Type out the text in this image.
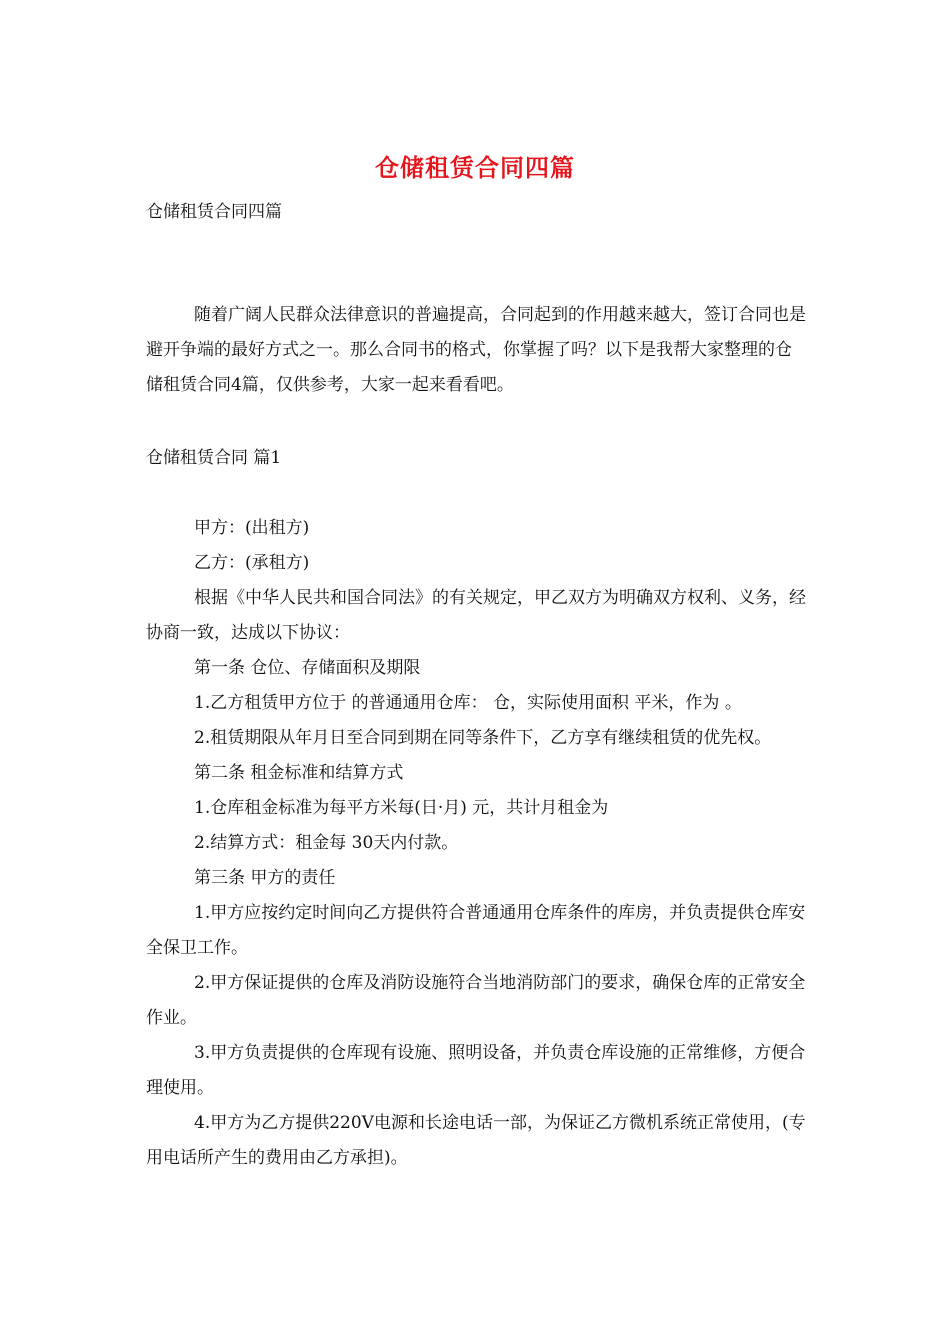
仓储租赁合同四篇
仓储租赁合同四篇

随着广阔人民群众法律意识的普遍提高，合同起到的作用越来越大，签订合同也是避开争端的最好方式之一。那么合同书的格式，你掌握了吗？以下是我帮大家整理的仓储租赁合同4篇，仅供参考，大家一起来看看吧。

仓储租赁合同 篇1

甲方：(出租方)

乙方：(承租方)

根据《中华人民共和国合同法》的有关规定，甲乙双方为明确双方权利、义务，经协商一致，达成以下协议：

第一条 仓位、存储面积及期限

1.乙方租赁甲方位于 的普通通用仓库： 仓，实际使用面积 平米，作为 。

2.租赁期限从年月日至合同到期在同等条件下，乙方享有继续租赁的优先权。

第二条 租金标准和结算方式

1.仓库租金标准为每平方米每(日·月) 元，共计月租金为

2.结算方式：租金每 30天内付款。

第三条 甲方的责任

1.甲方应按约定时间向乙方提供符合普通通用仓库条件的库房，并负责提供仓库安全保卫工作。

2.甲方保证提供的仓库及消防设施符合当地消防部门的要求，确保仓库的正常安全作业。

3.甲方负责提供的仓库现有设施、照明设备，并负责仓库设施的正常维修，方便合理使用。

4.甲方为乙方提供220V电源和长途电话一部，为保证乙方微机系统正常使用，(专用电话所产生的费用由乙方承担)。
